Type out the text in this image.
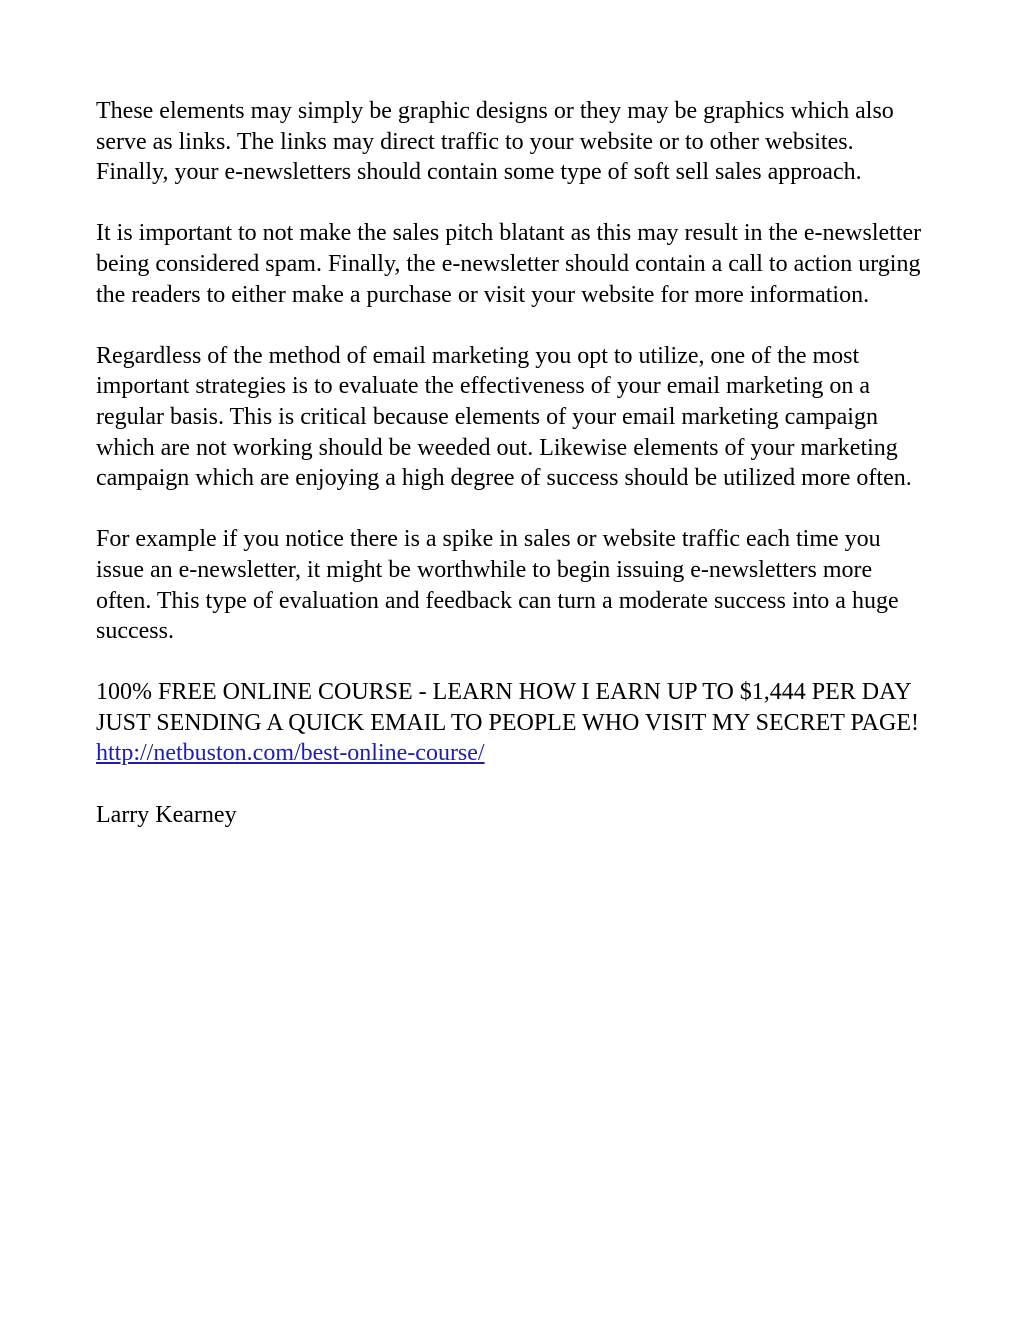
These elements may simply be graphic designs or they may be graphics which also serve as links. The links may direct traffic to your website or to other websites. Finally, your e-newsletters should contain some type of soft sell sales approach.

It is important to not make the sales pitch blatant as this may result in the e-newsletter being considered spam. Finally, the e-newsletter should contain a call to action urging the readers to either make a purchase or visit your website for more information.

Regardless of the method of email marketing you opt to utilize, one of the most important strategies is to evaluate the effectiveness of your email marketing on a regular basis. This is critical because elements of your email marketing campaign which are not working should be weeded out. Likewise elements of your marketing campaign which are enjoying a high degree of success should be utilized more often.

For example if you notice there is a spike in sales or website traffic each time you issue an e-newsletter, it might be worthwhile to begin issuing e-newsletters more often. This type of evaluation and feedback can turn a moderate success into a huge success.

100% FREE ONLINE COURSE - LEARN HOW I EARN UP TO $1,444 PER DAY JUST SENDING A QUICK EMAIL TO PEOPLE WHO VISIT MY SECRET PAGE! http://netbuston.com/best-online-course/

Larry Kearney
